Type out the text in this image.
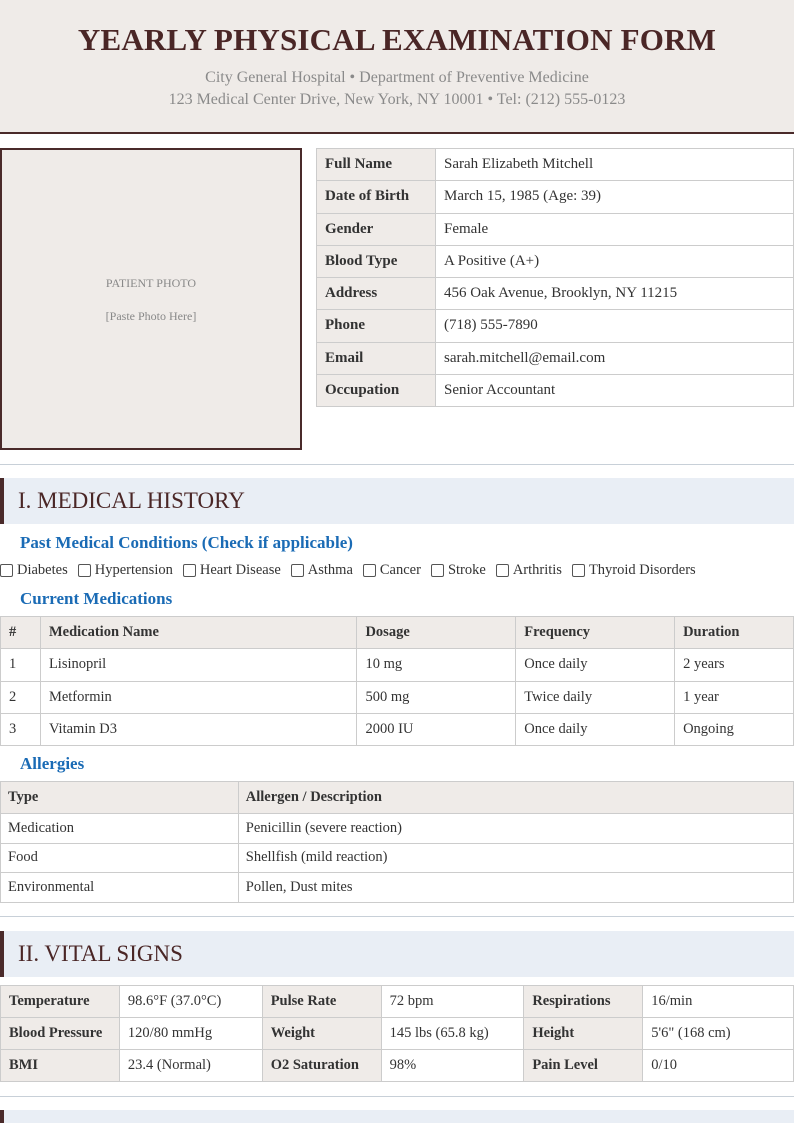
YEARLY PHYSICAL EXAMINATION FORM
City General Hospital • Department of Preventive Medicine
123 Medical Center Drive, New York, NY 10001 • Tel: (212) 555-0123
PATIENT PHOTO
[Paste Photo Here]
Full Name	Sarah Elizabeth Mitchell
Date of Birth	March 15, 1985 (Age: 39)
Gender	Female
Blood Type	A Positive (A+)
Address	456 Oak Avenue, Brooklyn, NY 11215
Phone	(718) 555-7890
Email	sarah.mitchell@email.com
Occupation	Senior Accountant
I. MEDICAL HISTORY
Past Medical Conditions (Check if applicable)
Diabetes Hypertension Heart Disease Asthma Cancer Stroke Arthritis Thyroid Disorders
Current Medications
#	Medication Name	Dosage	Frequency	Duration
1	Lisinopril	10 mg	Once daily	2 years
2	Metformin	500 mg	Twice daily	1 year
3	Vitamin D3	2000 IU	Once daily	Ongoing
Allergies
Type	Allergen / Description
Medication	Penicillin (severe reaction)
Food	Shellfish (mild reaction)
Environmental	Pollen, Dust mites
II. VITAL SIGNS
Temperature	98.6°F (37.0°C)	Pulse Rate	72 bpm	Respirations	16/min
Blood Pressure	120/80 mmHg	Weight	145 lbs (65.8 kg)	Height	5'6" (168 cm)
BMI	23.4 (Normal)	O2 Saturation	98%	Pain Level	0/10
